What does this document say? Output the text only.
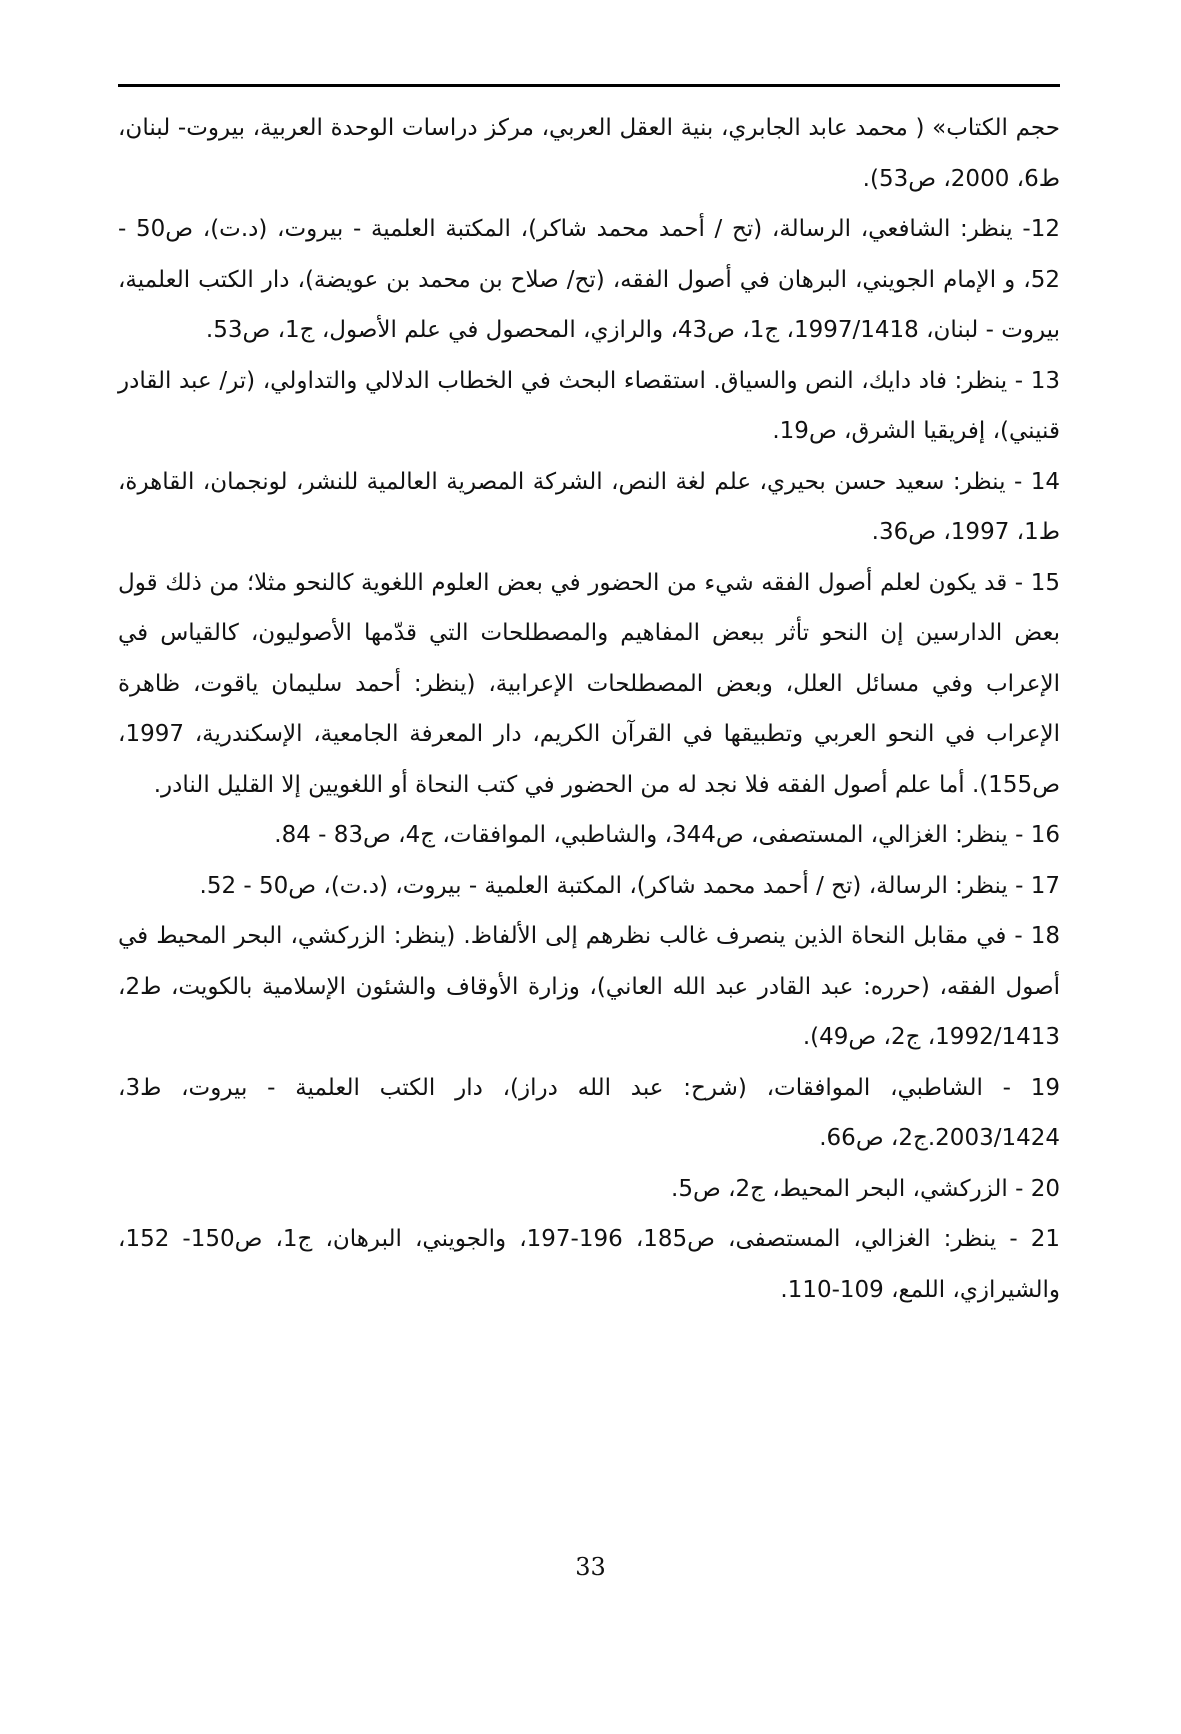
حجم الكتاب» ( محمد عابد الجابري، بنية العقل العربي، مركز دراسات الوحدة العربية، بيروت- لبنان، ط6، 2000، ص53).

12- ينظر: الشافعي، الرسالة، (تح / أحمد محمد شاكر)، المكتبة العلمية - بيروت، (د.ت)، ص50 - 52، و الإمام الجويني، البرهان في أصول الفقه، (تح/ صلاح بن محمد بن عويضة)، دار الكتب العلمية، بيروت - لبنان، 1997/1418، ج1، ص43، والرازي، المحصول في علم الأصول، ج1، ص53.

13 - ينظر: فاد دايك، النص والسياق. استقصاء البحث في الخطاب الدلالي والتداولي، (تر/ عبد القادر قنيني)، إفريقيا الشرق، ص19.

14 - ينظر: سعيد حسن بحيري، علم لغة النص، الشركة المصرية العالمية للنشر، لونجمان، القاهرة، ط1، 1997، ص36.

15 - قد يكون لعلم أصول الفقه شيء من الحضور في بعض العلوم اللغوية كالنحو مثلا؛ من ذلك قول بعض الدارسين إن النحو تأثر ببعض المفاهيم والمصطلحات التي قدّمها الأصوليون، كالقياس في الإعراب وفي مسائل العلل، وبعض المصطلحات الإعرابية، (ينظر: أحمد سليمان ياقوت، ظاهرة الإعراب في النحو العربي وتطبيقها في القرآن الكريم، دار المعرفة الجامعية، الإسكندرية، 1997، ص155). أما علم أصول الفقه فلا نجد له من الحضور في كتب النحاة أو اللغويين إلا القليل النادر.

16 - ينظر: الغزالي، المستصفى، ص344، والشاطبي، الموافقات، ج4، ص83 - 84.

17 - ينظر: الرسالة، (تح / أحمد محمد شاكر)، المكتبة العلمية - بيروت، (د.ت)، ص50 - 52.

18 - في مقابل النحاة الذين ينصرف غالب نظرهم إلى الألفاظ. (ينظر: الزركشي، البحر المحيط في أصول الفقه، (حرره: عبد القادر عبد الله العاني)، وزارة الأوقاف والشئون الإسلامية بالكويت، ط2، 1992/1413، ج2، ص49).

19 - الشاطبي، الموافقات، (شرح: عبد الله دراز)، دار الكتب العلمية - بيروت، ط3، 2003/1424.ج2، ص66.

20 - الزركشي، البحر المحيط، ج2، ص5.

21 - ينظر: الغزالي، المستصفى، ص185، 196-197، والجويني، البرهان، ج1، ص150- 152، والشيرازي، اللمع، 109-110.

33
